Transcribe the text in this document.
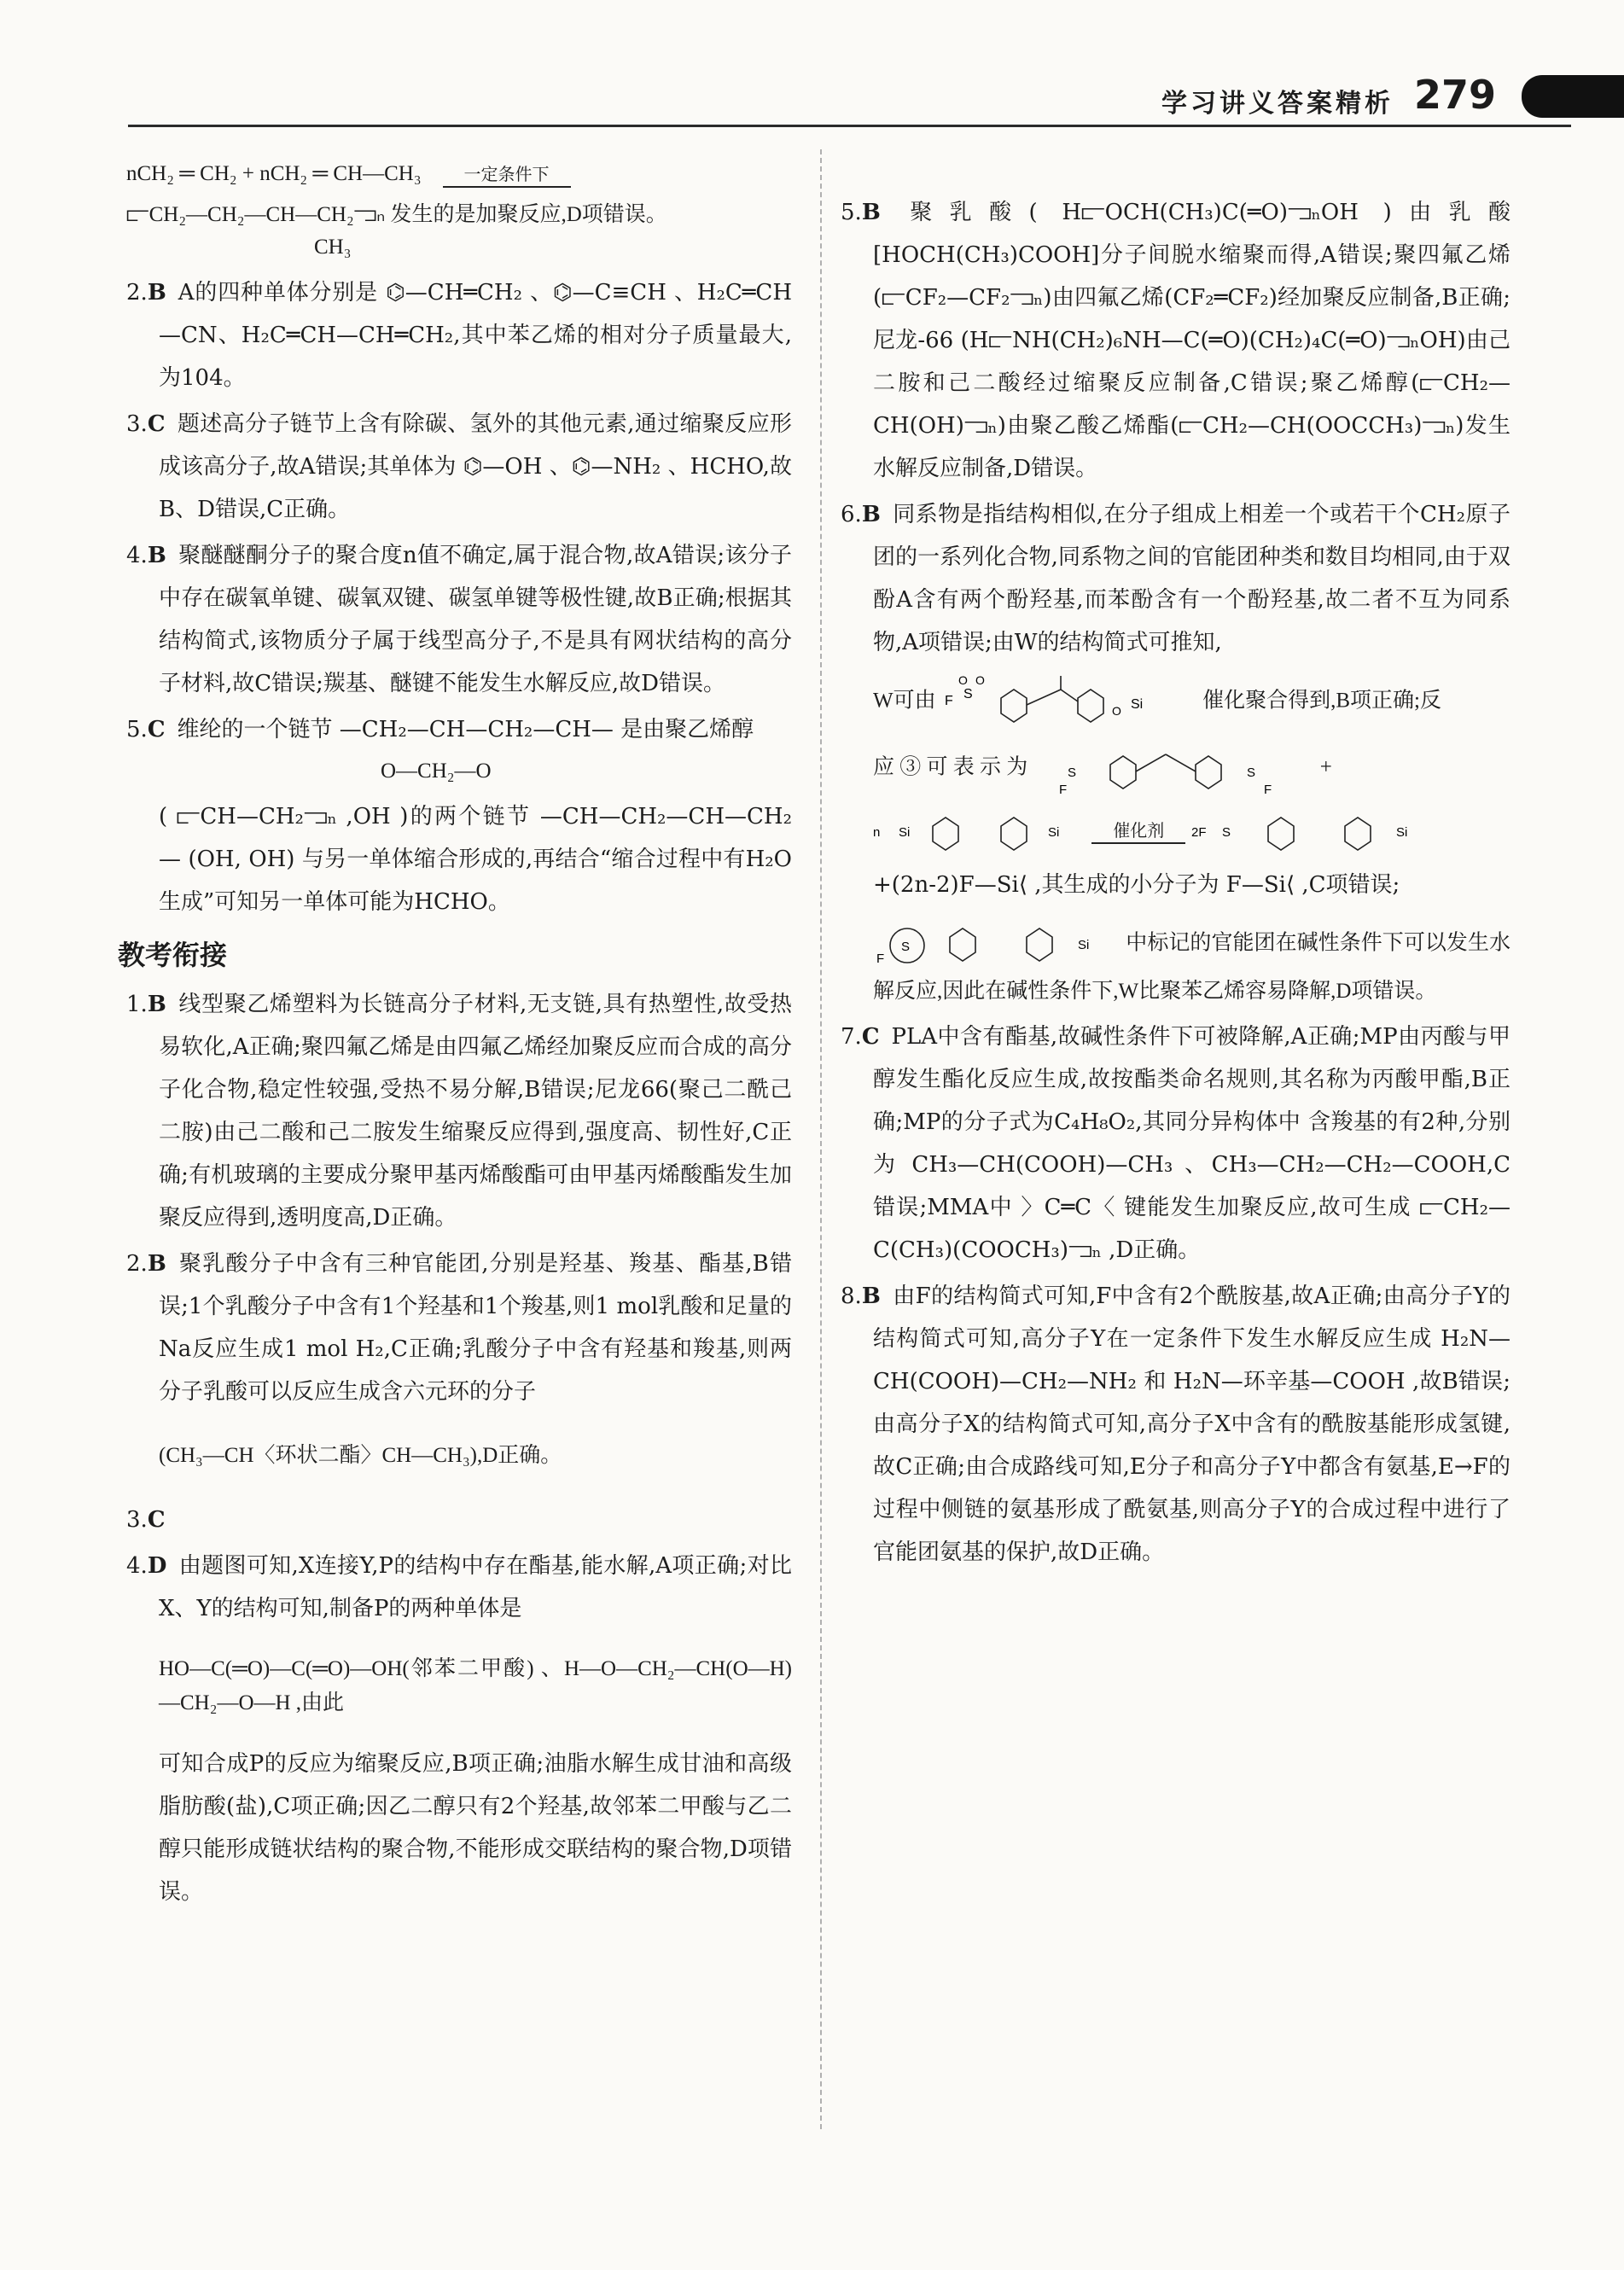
学习讲义答案精析 279
nCH₂ ═ CH₂ + nCH₂ ═ CH—CH₃	一定条件下
⫍CH₂—CH₂—CH—CH₂⫎ₙ 发生的是加聚反应,D项错误。
CH₃
2.B A的四种单体分别是 ⌬—CH═CH₂ 、⌬—C≡CH 、H₂C═CH—CN、H₂C═CH—CH═CH₂,其中苯乙烯的相对分子质量最大,为104。
3.C 题述高分子链节上含有除碳、氢外的其他元素,通过缩聚反应形成该高分子,故A错误;其单体为 ⌬—OH 、⌬—NH₂ 、HCHO,故B、D错误,C正确。
4.B 聚醚醚酮分子的聚合度n值不确定,属于混合物,故A错误;该分子中存在碳氧单键、碳氧双键、碳氢单键等极性键,故B正确;根据其结构简式,该物质分子属于线型高分子,不是具有网状结构的高分子材料,故C错误;羰基、醚键不能发生水解反应,故D错误。
5.C 维纶的一个链节 —CH₂—CH—CH₂—CH— 是由聚乙烯醇
O—CH₂—O
( ⫍CH—CH₂⫎ₙ ,OH )的两个链节 —CH—CH₂—CH—CH₂— (OH, OH) 与另一单体缩合形成的,再结合“缩合过程中有H₂O生成”可知另一单体可能为HCHO。
教考衔接
1.B 线型聚乙烯塑料为长链高分子材料,无支链,具有热塑性,故受热易软化,A正确;聚四氟乙烯是由四氟乙烯经加聚反应而合成的高分子化合物,稳定性较强,受热不易分解,B错误;尼龙66(聚己二酰己二胺)由己二酸和己二胺发生缩聚反应得到,强度高、韧性好,C正确;有机玻璃的主要成分聚甲基丙烯酸酯可由甲基丙烯酸酯发生加聚反应得到,透明度高,D正确。
2.B 聚乳酸分子中含有三种官能团,分别是羟基、羧基、酯基,B错误;1个乳酸分子中含有1个羟基和1个羧基,则1 mol乳酸和足量的Na反应生成1 mol H₂,C正确;乳酸分子中含有羟基和羧基,则两分子乳酸可以反应生成含六元环的分子
(CH₃—CH〈环状二酯〉CH—CH₃),D正确。
3.C
4.D 由题图可知,X连接Y,P的结构中存在酯基,能水解,A项正确;对比X、Y的结构可知,制备P的两种单体是
HO—C(═O)—C(═O)—OH(邻苯二甲酸) 、H—O—CH₂—CH(O—H)—CH₂—O—H ,由此
可知合成P的反应为缩聚反应,B项正确;油脂水解生成甘油和高级脂肪酸(盐),C项正确;因乙二醇只有2个羟基,故邻苯二甲酸与乙二醇只能形成链状结构的聚合物,不能形成交联结构的聚合物,D项错误。
5.B 聚乳酸( H⫍OCH(CH₃)C(═O)⫎ₙOH )由乳酸[HOCH(CH₃)COOH]分子间脱水缩聚而得,A错误;聚四氟乙烯(⫍CF₂—CF₂⫎ₙ)由四氟乙烯(CF₂═CF₂)经加聚反应制备,B正确;尼龙-66 (H⫍NH(CH₂)₆NH—C(═O)(CH₂)₄C(═O)⫎ₙOH)由己二胺和己二酸经过缩聚反应制备,C错误;聚乙烯醇(⫍CH₂—CH(OH)⫎ₙ)由聚乙酸乙烯酯(⫍CH₂—CH(OOCCH₃)⫎ₙ)发生水解反应制备,D错误。
6.B 同系物是指结构相似,在分子组成上相差一个或若干个CH₂原子团的一系列化合物,同系物之间的官能团种类和数目均相同,由于双酚A含有两个酚羟基,而苯酚含有一个酚羟基,故二者不互为同系物,A项错误;由W的结构简式可推知,
W可由 F S
O O
O Si	催化聚合得到,B项正确;反
应 ③ 可 表 示 为	S	S
F	F
+
n Si	Si	催化剂
2F S	Si
+(2n-2)F—Si⟨ ,其生成的小分子为 F—Si⟨ ,C项错误;
S
F
Si 中标记的官能团在碱性条件下可以发生水解反应,因此在碱性条件下,W比聚苯乙烯容易降解,D项错误。
7.C PLA中含有酯基,故碱性条件下可被降解,A正确;MP由丙酸与甲醇发生酯化反应生成,故按酯类命名规则,其名称为丙酸甲酯,B正确;MP的分子式为C₄H₈O₂,其同分异构体中 含羧基的有2种,分别为 CH₃—CH(COOH)—CH₃ 、CH₃—CH₂—CH₂—COOH,C错误;MMA中 〉C═C〈 键能发生加聚反应,故可生成 ⫍CH₂—C(CH₃)(COOCH₃)⫎ₙ ,D正确。
8.B 由F的结构简式可知,F中含有2个酰胺基,故A正确;由高分子Y的结构简式可知,高分子Y在一定条件下发生水解反应生成 H₂N—CH(COOH)—CH₂—NH₂ 和 H₂N—环辛基—COOH ,故B错误;由高分子X的结构简式可知,高分子X中含有的酰胺基能形成氢键,故C正确;由合成路线可知,E分子和高分子Y中都含有氨基,E→F的过程中侧链的氨基形成了酰氨基,则高分子Y的合成过程中进行了官能团氨基的保护,故D正确。
